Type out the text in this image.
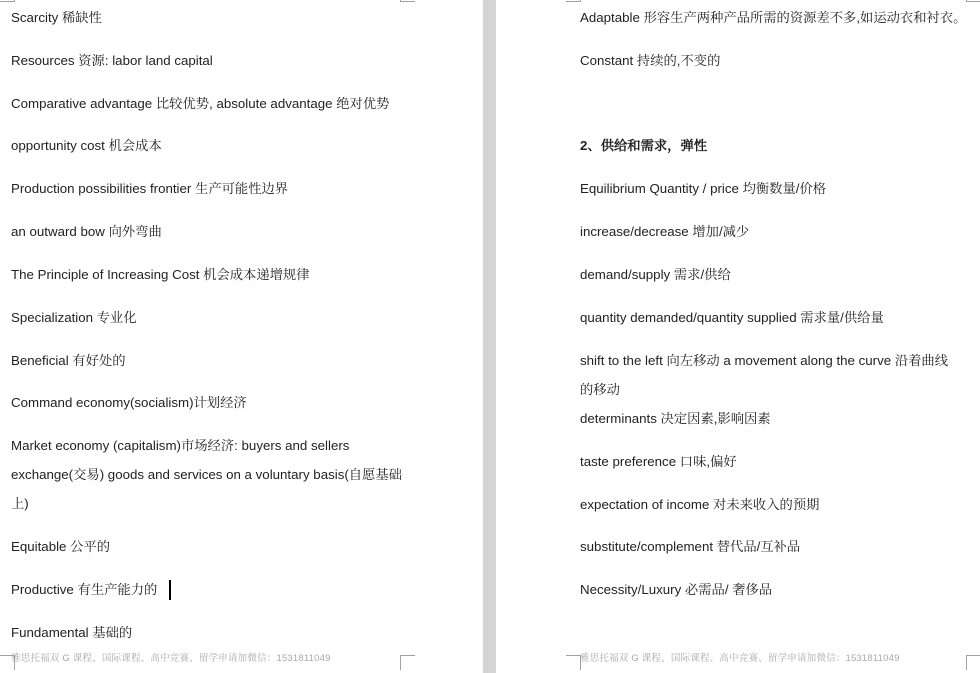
Scarcity 稀缺性
Resources 资源: labor land capital
Comparative advantage 比较优势, absolute advantage 绝对优势
opportunity cost 机会成本
Production possibilities frontier 生产可能性边界
an outward bow 向外弯曲
The Principle of Increasing Cost 机会成本递增规律
Specialization 专业化
Beneficial 有好处的
Command economy(socialism)计划经济
Market economy (capitalism)市场经济: buyers and sellers
exchange(交易) goods and services on a voluntary basis(自愿基础
上)
Equitable 公平的
Productive 有生产能力的
Fundamental 基础的
雅思托福双 G 课程、国际课程、高中竞赛、留学申请加微信：1531811049
Adaptable 形容生产两种产品所需的资源差不多,如运动衣和衬衣。
Constant 持续的,不变的
2、供给和需求，弹性
Equilibrium Quantity / price 均衡数量/价格
increase/decrease 增加/减少
demand/supply 需求/供给
quantity demanded/quantity supplied 需求量/供给量
shift to the left 向左移动 a movement along the curve 沿着曲线
的移动
determinants 决定因素,影响因素
taste preference 口味,偏好
expectation of income 对未来收入的预期
substitute/complement 替代品/互补品
Necessity/Luxury 必需品/ 奢侈品
雅思托福双 G 课程、国际课程、高中竞赛、留学申请加微信：1531811049
